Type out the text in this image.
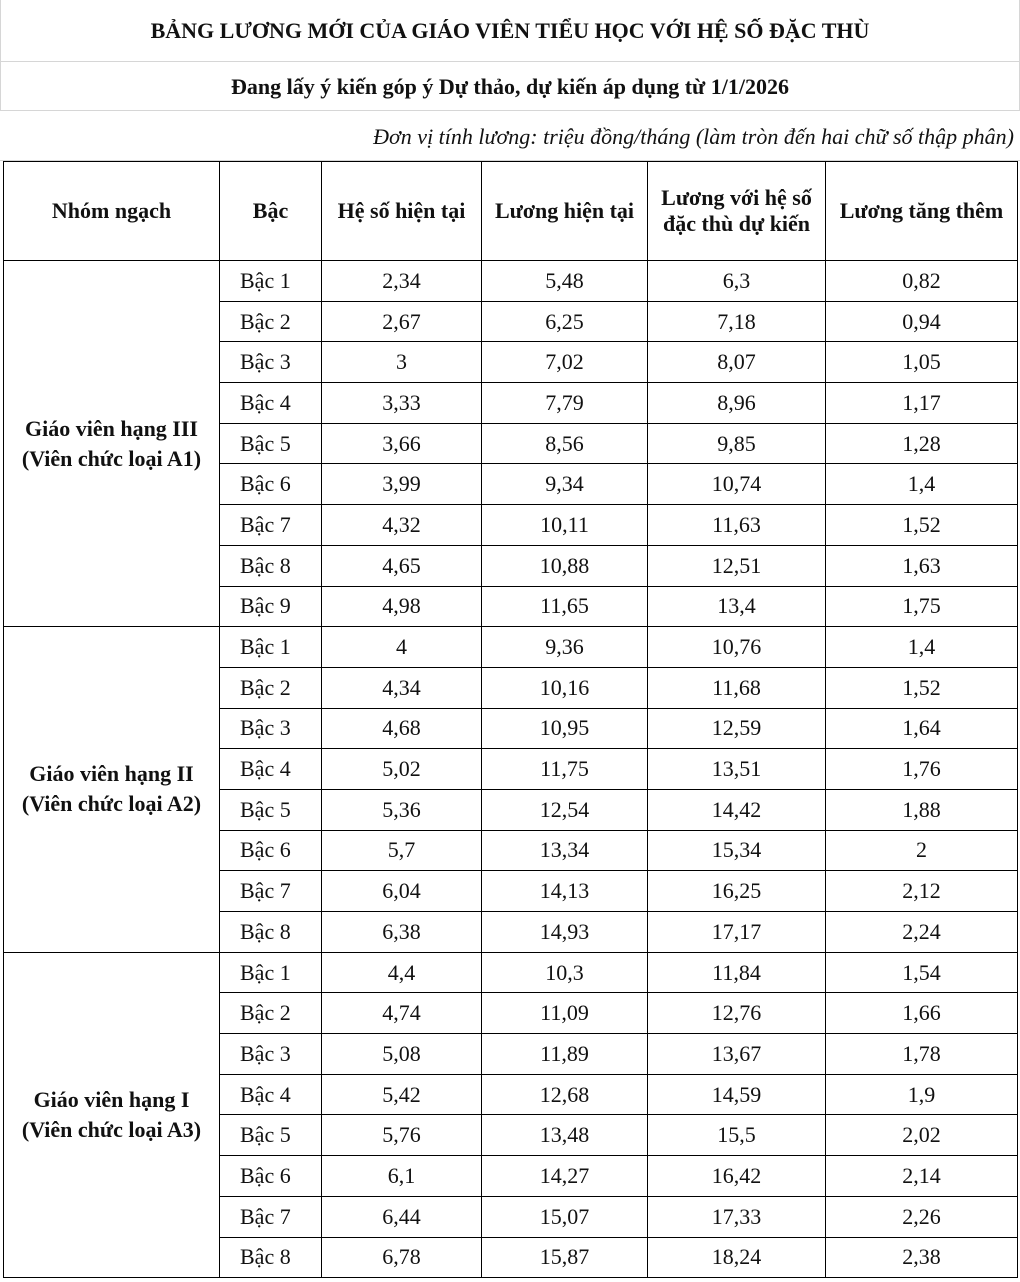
BẢNG LƯƠNG MỚI CỦA GIÁO VIÊN TIỂU HỌC VỚI HỆ SỐ ĐẶC THÙ
Đang lấy ý kiến góp ý Dự thảo, dự kiến áp dụng từ 1/1/2026
Đơn vị tính lương: triệu đồng/tháng (làm tròn đến hai chữ số thập phân)
Nhóm ngạch	Bậc	Hệ số hiện tại	Lương hiện tại	Lương với hệ số
đặc thù dự kiến	Lương tăng thêm
Giáo viên hạng III
(Viên chức loại A1)	Bậc 1	2,34	5,48	6,3	0,82
	Bậc 2	2,67	6,25	7,18	0,94
	Bậc 3	3	7,02	8,07	1,05
	Bậc 4	3,33	7,79	8,96	1,17
	Bậc 5	3,66	8,56	9,85	1,28
	Bậc 6	3,99	9,34	10,74	1,4
	Bậc 7	4,32	10,11	11,63	1,52
	Bậc 8	4,65	10,88	12,51	1,63
	Bậc 9	4,98	11,65	13,4	1,75
Giáo viên hạng II
(Viên chức loại A2)	Bậc 1	4	9,36	10,76	1,4
	Bậc 2	4,34	10,16	11,68	1,52
	Bậc 3	4,68	10,95	12,59	1,64
	Bậc 4	5,02	11,75	13,51	1,76
	Bậc 5	5,36	12,54	14,42	1,88
	Bậc 6	5,7	13,34	15,34	2
	Bậc 7	6,04	14,13	16,25	2,12
	Bậc 8	6,38	14,93	17,17	2,24
Giáo viên hạng I
(Viên chức loại A3)	Bậc 1	4,4	10,3	11,84	1,54
	Bậc 2	4,74	11,09	12,76	1,66
	Bậc 3	5,08	11,89	13,67	1,78
	Bậc 4	5,42	12,68	14,59	1,9
	Bậc 5	5,76	13,48	15,5	2,02
	Bậc 6	6,1	14,27	16,42	2,14
	Bậc 7	6,44	15,07	17,33	2,26
	Bậc 8	6,78	15,87	18,24	2,38
